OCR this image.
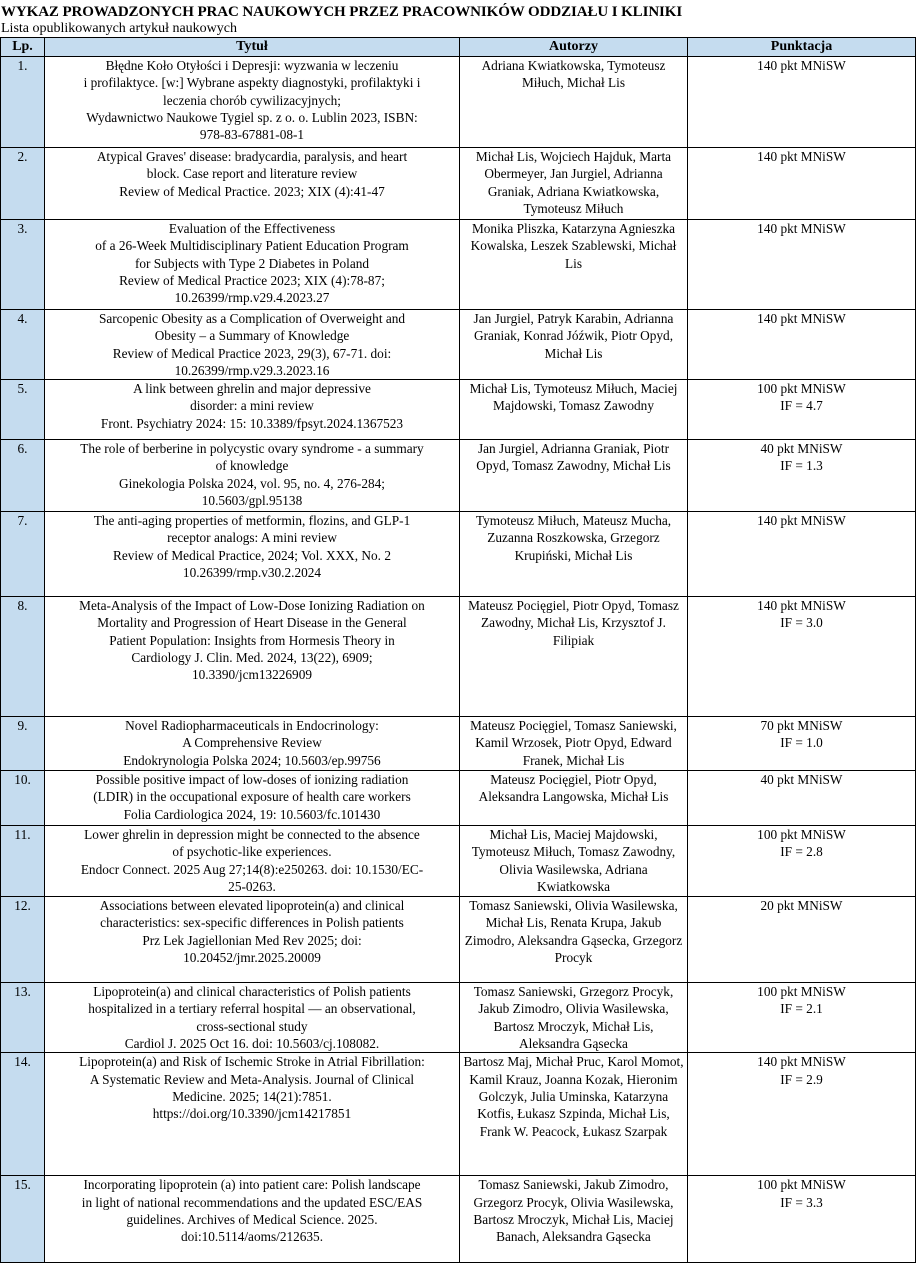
WYKAZ PROWADZONYCH PRAC NAUKOWYCH PRZEZ PRACOWNIKÓW ODDZIAŁU I KLINIKI
Lista opublikowanych artykuł naukowych
Lp.	Tytuł	Autorzy	Punktacja
1.	Błędne Koło Otyłości i Depresji: wyzwania w leczeniu
i profilaktyce. [w:] Wybrane aspekty diagnostyki, profilaktyki i
leczenia chorób cywilizacyjnych;
Wydawnictwo Naukowe Tygiel sp. z o. o. Lublin 2023, ISBN:
978-83-67881-08-1	Adriana Kwiatkowska, Tymoteusz Miłuch, Michał Lis	140 pkt MNiSW

2.	Atypical Graves' disease: bradycardia, paralysis, and heart
block. Case report and literature review
Review of Medical Practice. 2023; XIX (4):41-47	Michał Lis, Wojciech Hajduk, Marta Obermeyer, Jan Jurgiel, Adrianna Graniak, Adriana Kwiatkowska, Tymoteusz Miłuch	140 pkt MNiSW

3.	Evaluation of the Effectiveness
of a 26-Week Multidisciplinary Patient Education Program
for Subjects with Type 2 Diabetes in Poland
Review of Medical Practice 2023; XIX (4):78-87;
10.26399/rmp.v29.4.2023.27	Monika Pliszka, Katarzyna Agnieszka Kowalska, Leszek Szablewski, Michał Lis	140 pkt MNiSW

4.	Sarcopenic Obesity as a Complication of Overweight and
Obesity – a Summary of Knowledge
Review of Medical Practice 2023, 29(3), 67-71. doi:
10.26399/rmp.v29.3.2023.16	Jan Jurgiel, Patryk Karabin, Adrianna Graniak, Konrad Jóźwik, Piotr Opyd, Michał Lis	140 pkt MNiSW

5.	A link between ghrelin and major depressive
disorder: a mini review
Front. Psychiatry 2024: 15: 10.3389/fpsyt.2024.1367523	Michał Lis, Tymoteusz Miłuch, Maciej Majdowski, Tomasz Zawodny	100 pkt MNiSW
IF = 4.7

6.	The role of berberine in polycystic ovary syndrome - a summary
of knowledge
Ginekologia Polska 2024, vol. 95, no. 4, 276-284;
10.5603/gpl.95138	Jan Jurgiel, Adrianna Graniak, Piotr Opyd, Tomasz Zawodny, Michał Lis	40 pkt MNiSW
IF = 1.3

7.	The anti-aging properties of metformin, flozins, and GLP-1
receptor analogs: A mini review
Review of Medical Practice, 2024; Vol. XXX, No. 2
10.26399/rmp.v30.2.2024	Tymoteusz Miłuch, Mateusz Mucha, Zuzanna Roszkowska, Grzegorz Krupiński, Michał Lis	140 pkt MNiSW

8.	Meta-Analysis of the Impact of Low-Dose Ionizing Radiation on
Mortality and Progression of Heart Disease in the General
Patient Population: Insights from Hormesis Theory in
Cardiology J. Clin. Med. 2024, 13(22), 6909;
10.3390/jcm13226909	Mateusz Pocięgiel, Piotr Opyd, Tomasz Zawodny, Michał Lis, Krzysztof J. Filipiak	140 pkt MNiSW
IF = 3.0

9.	Novel Radiopharmaceuticals in Endocrinology:
A Comprehensive Review
Endokrynologia Polska 2024; 10.5603/ep.99756	Mateusz Pocięgiel, Tomasz Saniewski, Kamil Wrzosek, Piotr Opyd, Edward Franek, Michał Lis	70 pkt MNiSW
IF = 1.0

10.	Possible positive impact of low-doses of ionizing radiation
(LDIR) in the occupational exposure of health care workers
Folia Cardiologica 2024, 19: 10.5603/fc.101430	Mateusz Pocięgiel, Piotr Opyd, Aleksandra Langowska, Michał Lis	40 pkt MNiSW

11.	Lower ghrelin in depression might be connected to the absence
of psychotic-like experiences.
Endocr Connect. 2025 Aug 27;14(8):e250263. doi: 10.1530/EC-
25-0263.	Michał Lis, Maciej Majdowski, Tymoteusz Miłuch, Tomasz Zawodny, Olivia Wasilewska, Adriana Kwiatkowska	100 pkt MNiSW
IF = 2.8

12.	Associations between elevated lipoprotein(a) and clinical
characteristics: sex-specific differences in Polish patients
Prz Lek Jagiellonian Med Rev 2025; doi:
10.20452/jmr.2025.20009	Tomasz Saniewski, Olivia Wasilewska, Michał Lis, Renata Krupa, Jakub Zimodro, Aleksandra Gąsecka, Grzegorz Procyk	20 pkt MNiSW

13.	Lipoprotein(a) and clinical characteristics of Polish patients
hospitalized in a tertiary referral hospital — an observational,
cross-sectional study
Cardiol J. 2025 Oct 16. doi: 10.5603/cj.108082.	Tomasz Saniewski, Grzegorz Procyk, Jakub Zimodro, Olivia Wasilewska, Bartosz Mroczyk, Michał Lis, Aleksandra Gąsecka	100 pkt MNiSW
IF = 2.1

14.	Lipoprotein(a) and Risk of Ischemic Stroke in Atrial Fibrillation:
A Systematic Review and Meta-Analysis. Journal of Clinical
Medicine. 2025; 14(21):7851.
https://doi.org/10.3390/jcm14217851	Bartosz Maj, Michał Pruc, Karol Momot, Kamil Krauz, Joanna Kozak, Hieronim Golczyk, Julia Uminska, Katarzyna Kotfis, Łukasz Szpinda, Michał Lis, Frank W. Peacock, Łukasz Szarpak	140 pkt MNiSW
IF = 2.9

15.	Incorporating lipoprotein (a) into patient care: Polish landscape
in light of national recommendations and the updated ESC/EAS
guidelines. Archives of Medical Science. 2025.
doi:10.5114/aoms/212635.	Tomasz Saniewski, Jakub Zimodro, Grzegorz Procyk, Olivia Wasilewska, Bartosz Mroczyk, Michał Lis, Maciej Banach, Aleksandra Gąsecka	100 pkt MNiSW
IF = 3.3
